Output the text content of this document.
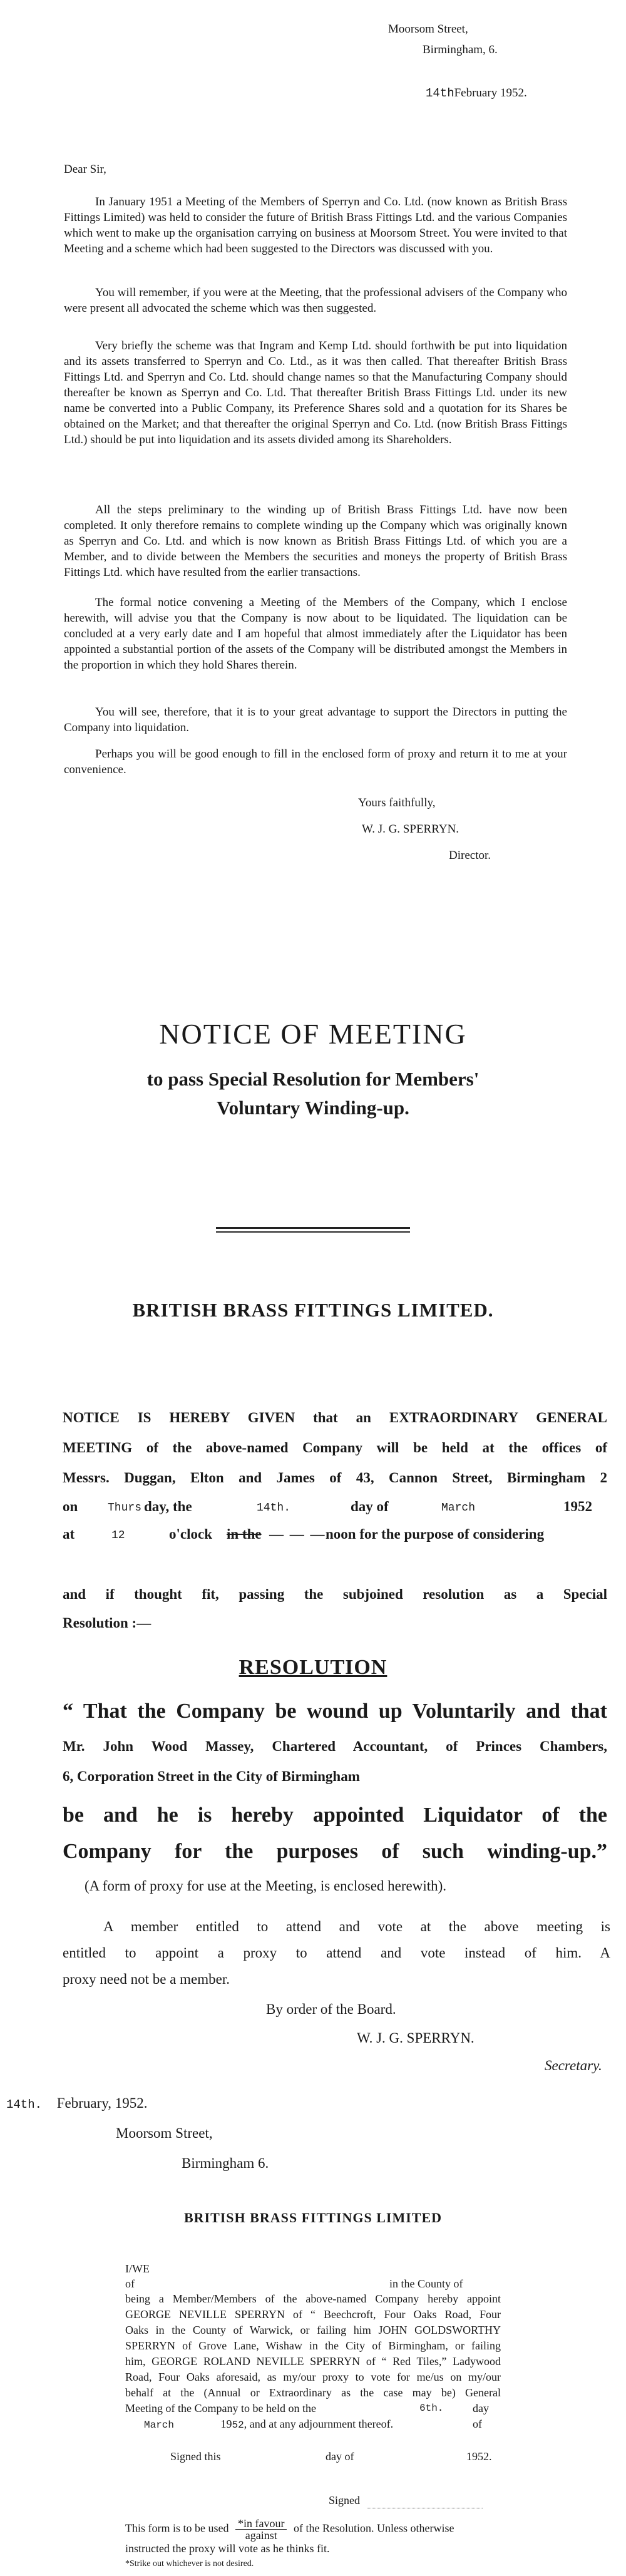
Moorsom Street,
Birmingham, 6.
14thFebruary 1952.
Dear Sir,
In January 1951 a Meeting of the Members of Sperryn and Co. Ltd. (now known as British Brass Fittings Limited) was held to consider the future of British Brass Fittings Ltd. and the various Companies which went to make up the organisation carrying on business at Moorsom Street. You were invited to that Meeting and a scheme which had been suggested to the Directors was discussed with you.
You will remember, if you were at the Meeting, that the professional advisers of the Company who were present all advocated the scheme which was then suggested.
Very briefly the scheme was that Ingram and Kemp Ltd. should forthwith be put into liquidation and its assets transferred to Sperryn and Co. Ltd., as it was then called. That thereafter British Brass Fittings Ltd. and Sperryn and Co. Ltd. should change names so that the Manufacturing Company should thereafter be known as Sperryn and Co. Ltd. That thereafter British Brass Fittings Ltd. under its new name be converted into a Public Company, its Preference Shares sold and a quotation for its Shares be obtained on the Market; and that thereafter the original Sperryn and Co. Ltd. (now British Brass Fittings Ltd.) should be put into liquidation and its assets divided among its Shareholders.
All the steps preliminary to the winding up of British Brass Fittings Ltd. have now been completed. It only therefore remains to complete winding up the Company which was originally known as Sperryn and Co. Ltd. and which is now known as British Brass Fittings Ltd. of which you are a Member, and to divide between the Members the securities and moneys the property of British Brass Fittings Ltd. which have resulted from the earlier transactions.
The formal notice convening a Meeting of the Members of the Company, which I enclose herewith, will advise you that the Company is now about to be liquidated. The liquidation can be concluded at a very early date and I am hopeful that almost immediately after the Liquidator has been appointed a substantial portion of the assets of the Company will be distributed amongst the Members in the proportion in which they hold Shares therein.
You will see, therefore, that it is to your great advantage to support the Directors in putting the Company into liquidation.
Perhaps you will be good enough to fill in the enclosed form of proxy and return it to me at your convenience.
Yours faithfully,
W. J. G. SPERRYN.
Director.
NOTICE OF MEETING
to pass Special Resolution for Members'
Voluntary Winding-up.
BRITISH BRASS FITTINGS LIMITED.
NOTICE IS HEREBY GIVEN that an EXTRAORDINARY GENERAL
MEETING of the above-named Company will be held at the offices of
Messrs. Duggan, Elton and James of 43, Cannon Street, Birmingham 2
on	Thurs day, the	14th.	day of	March	1952
at	12	o'clock in the — — — noon for the purpose of considering
and if thought fit, passing the subjoined resolution as a Special
Resolution :—
RESOLUTION
“ That the Company be wound up Voluntarily and that
Mr. John Wood Massey, Chartered Accountant, of Princes Chambers,
6, Corporation Street in the City of Birmingham
be and he is hereby appointed Liquidator of the
Company for the purposes of such winding-up.”
(A form of proxy for use at the Meeting, is enclosed herewith).
A member entitled to attend and vote at the above meeting is
entitled to appoint a proxy to attend and vote instead of him. A
proxy need not be a member.
By order of the Board.
W. J. G. SPERRYN.
Secretary.
14th. February, 1952.
Moorsom Street,
Birmingham 6.
BRITISH BRASS FITTINGS LIMITED
I/WE
of	in the County of
being a Member/Members of the above-named Company hereby appoint
GEORGE NEVILLE SPERRYN of “ Beechcroft, Four Oaks Road, Four
Oaks in the County of Warwick, or failing him JOHN GOLDSWORTHY
SPERRYN of Grove Lane, Wishaw in the City of Birmingham, or failing
him, GEORGE ROLAND NEVILLE SPERRYN of “ Red Tiles,” Ladywood
Road, Four Oaks aforesaid, as my/our proxy to vote for me/us on my/our
behalf at the (Annual or Extraordinary as the case may be) General
Meeting of the Company to be held on the	6th.	day of
March	1952, and at any adjournment thereof.
Signed this	day of	1952.
Signed
This form is to be used $\frac{\text{*in favour}}{\text{against}}$ of the Resolution. Unless otherwise
instructed the proxy will vote as he thinks fit.
*Strike out whichever is not desired.
